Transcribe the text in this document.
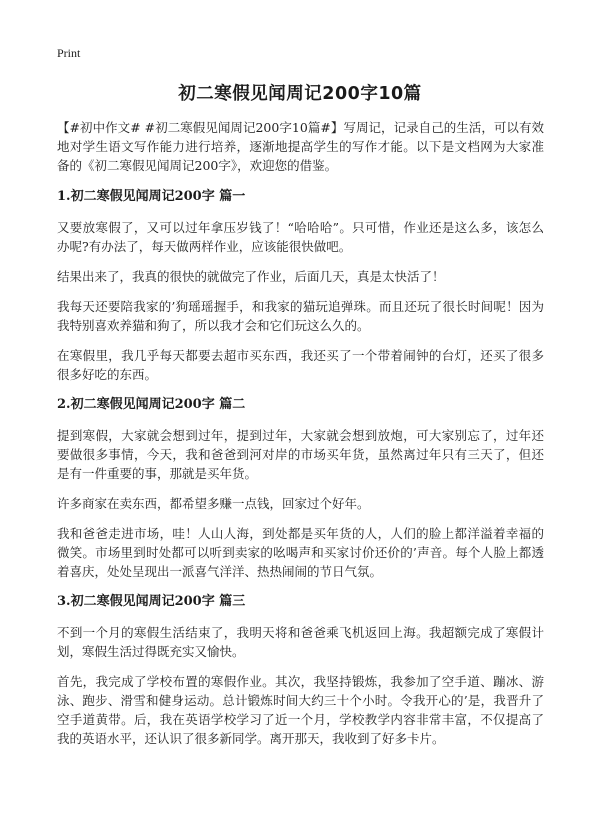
Print
初二寒假见闻周记200字10篇

【#初中作文# #初二寒假见闻周记200字10篇#】写周记，记录自己的生活，可以有效地对学生语文写作能力进行培养，逐渐地提高学生的写作才能。以下是文档网为大家准备的《初二寒假见闻周记200字》，欢迎您的借鉴。

1.初二寒假见闻周记200字 篇一

又要放寒假了，又可以过年拿压岁钱了！“哈哈哈”。只可惜，作业还是这么多，该怎么办呢?有办法了，每天做两样作业，应该能很快做吧。

结果出来了，我真的很快的就做完了作业，后面几天，真是太快活了！

我每天还要陪我家的’狗瑶瑶握手，和我家的猫玩追弹珠。而且还玩了很长时间呢！因为我特别喜欢养猫和狗了，所以我才会和它们玩这么久的。

在寒假里，我几乎每天都要去超市买东西，我还买了一个带着闹钟的台灯，还买了很多很多好吃的东西。

2.初二寒假见闻周记200字 篇二

提到寒假，大家就会想到过年，提到过年，大家就会想到放炮，可大家别忘了，过年还要做很多事情，今天，我和爸爸到河对岸的市场买年货，虽然离过年只有三天了，但还是有一件重要的事，那就是买年货。

许多商家在卖东西，都希望多赚一点钱，回家过个好年。

我和爸爸走进市场，哇！人山人海，到处都是买年货的人，人们的脸上都洋溢着幸福的微笑。市场里到时处都可以听到卖家的吆喝声和买家讨价还价的’声音。每个人脸上都透着喜庆，处处呈现出一派喜气洋洋、热热闹闹的节日气氛。

3.初二寒假见闻周记200字 篇三

不到一个月的寒假生活结束了，我明天将和爸爸乘飞机返回上海。我超额完成了寒假计划，寒假生活过得既充实又愉快。

首先，我完成了学校布置的寒假作业。其次，我坚持锻炼，我参加了空手道、蹦冰、游泳、跑步、滑雪和健身运动。总计锻炼时间大约三十个小时。令我开心的’是，我晋升了空手道黄带。后，我在英语学校学习了近一个月，学校教学内容非常丰富，不仅提高了我的英语水平，还认识了很多新同学。离开那天，我收到了好多卡片。
